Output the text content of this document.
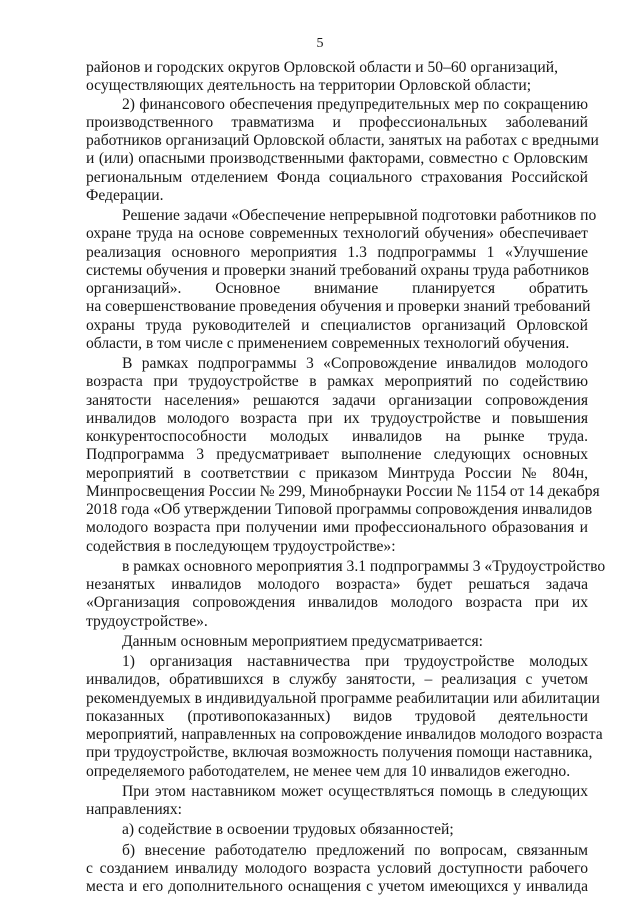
5
районов и городских округов Орловской области и 50–60 организаций,
осуществляющих деятельность на территории Орловской области;
2) финансового обеспечения предупредительных мер по сокращению
производственного травматизма и профессиональных заболеваний
работников организаций Орловской области, занятых на работах с вредными
и (или) опасными производственными факторами, совместно с Орловским
региональным отделением Фонда социального страхования Российской
Федерации.
Решение задачи «Обеспечение непрерывной подготовки работников по
охране труда на основе современных технологий обучения» обеспечивает
реализация основного мероприятия 1.3 подпрограммы 1 «Улучшение
системы обучения и проверки знаний требований охраны труда работников
организаций». Основное внимание планируется обратить
на совершенствование проведения обучения и проверки знаний требований
охраны труда руководителей и специалистов организаций Орловской
области, в том числе с применением современных технологий обучения.
В рамках подпрограммы 3 «Сопровождение инвалидов молодого
возраста при трудоустройстве в рамках мероприятий по содействию
занятости населения» решаются задачи организации сопровождения
инвалидов молодого возраста при их трудоустройстве и повышения
конкурентоспособности молодых инвалидов на рынке труда.
Подпрограмма 3 предусматривает выполнение следующих основных
мероприятий в соответствии с приказом Минтруда России № 804н,
Минпросвещения России № 299, Минобрнауки России № 1154 от 14 декабря
2018 года «Об утверждении Типовой программы сопровождения инвалидов
молодого возраста при получении ими профессионального образования и
содействия в последующем трудоустройстве»:
в рамках основного мероприятия 3.1 подпрограммы 3 «Трудоустройство
незанятых инвалидов молодого возраста» будет решаться задача
«Организация сопровождения инвалидов молодого возраста при их
трудоустройстве».
Данным основным мероприятием предусматривается:
1) организация наставничества при трудоустройстве молодых
инвалидов, обратившихся в службу занятости, – реализация с учетом
рекомендуемых в индивидуальной программе реабилитации или абилитации
показанных (противопоказанных) видов трудовой деятельности
мероприятий, направленных на сопровождение инвалидов молодого возраста
при трудоустройстве, включая возможность получения помощи наставника,
определяемого работодателем, не менее чем для 10 инвалидов ежегодно.
При этом наставником может осуществляться помощь в следующих
направлениях:
а) содействие в освоении трудовых обязанностей;
б) внесение работодателю предложений по вопросам, связанным
с созданием инвалиду молодого возраста условий доступности рабочего
места и его дополнительного оснащения с учетом имеющихся у инвалида
